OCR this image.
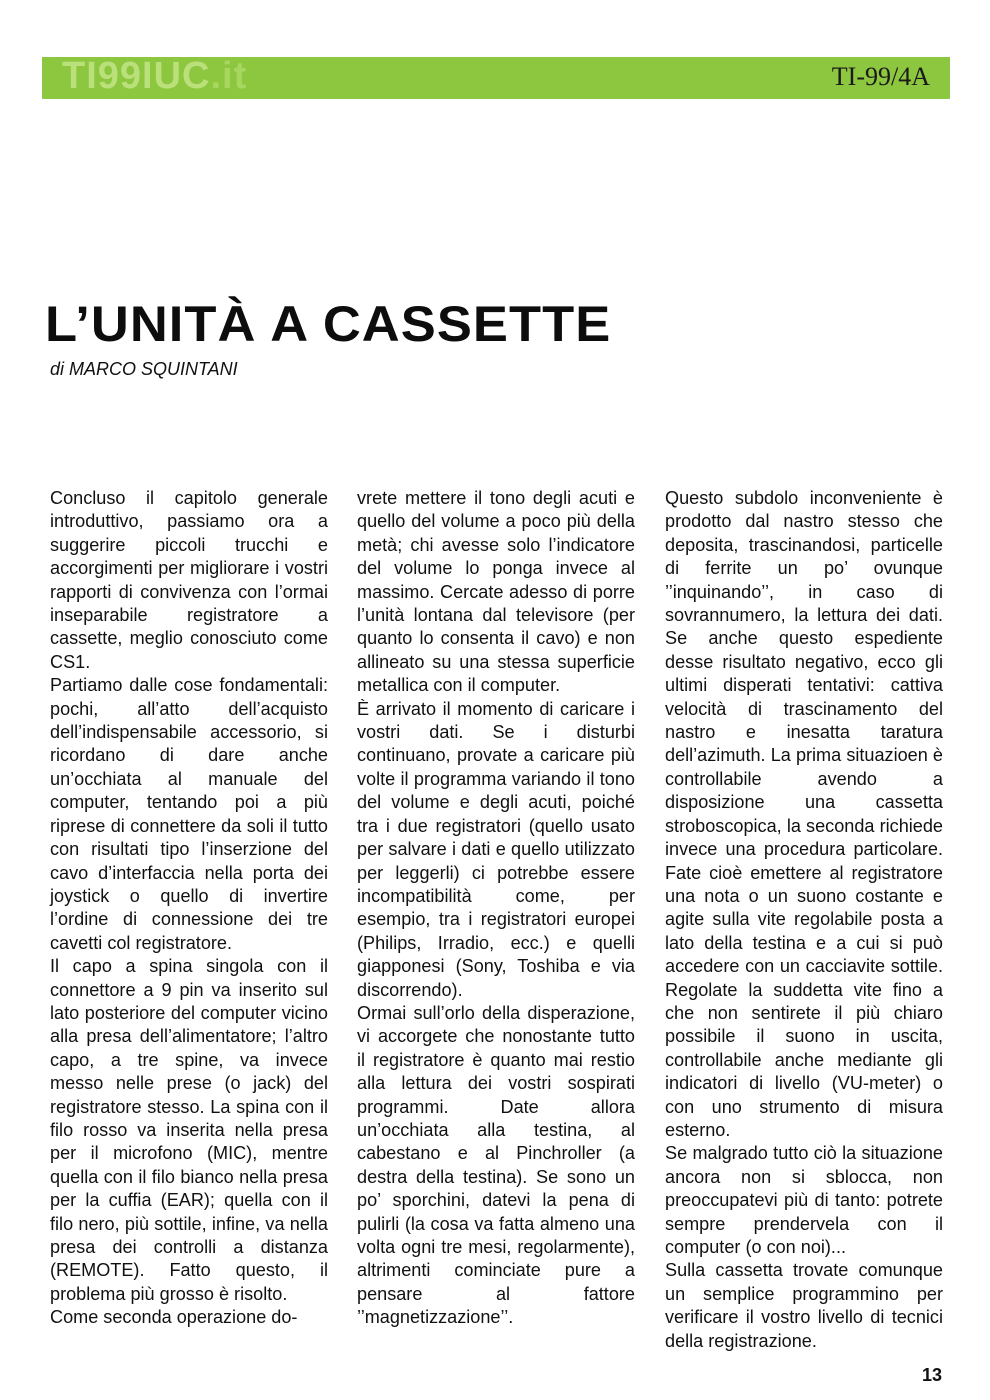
TI99IUC.it	TI-99/4A
L’UNITÀ A CASSETTE
di MARCO SQUINTANI

Concluso il capitolo generale introduttivo, passiamo ora a suggerire piccoli trucchi e accorgimenti per migliorare i vostri rapporti di convivenza con l’ormai inseparabile registratore a cassette, meglio conosciuto come CS1.

Partiamo dalle cose fondamentali: pochi, all’atto dell’acquisto dell’indispensabile accessorio, si ricordano di dare anche un’occhiata al manuale del computer, tentando poi a più riprese di connettere da soli il tutto con risultati tipo l’inserzione del cavo d’interfaccia nella porta dei joystick o quello di invertire l’ordine di connessione dei tre cavetti col registratore.

Il capo a spina singola con il connettore a 9 pin va inserito sul lato posteriore del computer vicino alla presa dell’alimentatore; l’altro capo, a tre spine, va invece messo nelle prese (o jack) del registratore stesso. La spina con il filo rosso va inserita nella presa per il microfono (MIC), mentre quella con il filo bianco nella presa per la cuffia (EAR); quella con il filo nero, più sottile, infine, va nella presa dei controlli a distanza (REMOTE). Fatto questo, il problema più grosso è risolto.

Come seconda operazione do-

vrete mettere il tono degli acuti e quello del volume a poco più della metà; chi avesse solo l’indicatore del volume lo ponga invece al massimo. Cercate adesso di porre l’unità lontana dal televisore (per quanto lo consenta il cavo) e non allineato su una stessa superficie metallica con il computer.

È arrivato il momento di caricare i vostri dati. Se i disturbi continuano, provate a caricare più volte il programma variando il tono del volume e degli acuti, poiché tra i due registratori (quello usato per salvare i dati e quello utilizzato per leggerli) ci potrebbe essere incompatibilità come, per esempio, tra i registratori europei (Philips, Irradio, ecc.) e quelli giapponesi (Sony, Toshiba e via discorrendo).

Ormai sull’orlo della disperazione, vi accorgete che nonostante tutto il registratore è quanto mai restio alla lettura dei vostri sospirati programmi. Date allora un’occhiata alla testina, al cabestano e al Pinchroller (a destra della testina). Se sono un po’ sporchini, datevi la pena di pulirli (la cosa va fatta almeno una volta ogni tre mesi, regolarmente), altrimenti cominciate pure a pensare al fattore ’’magnetizzazione’’.

Questo subdolo inconveniente è prodotto dal nastro stesso che deposita, trascinandosi, particelle di ferrite un po’ ovunque ’’inquinando’’, in caso di sovrannumero, la lettura dei dati. Se anche questo espediente desse risultato negativo, ecco gli ultimi disperati tentativi: cattiva velocità di trascinamento del nastro e inesatta taratura dell’azimuth. La prima situazioen è controllabile avendo a disposizione una cassetta stroboscopica, la seconda richiede invece una procedura particolare. Fate cioè emettere al registratore una nota o un suono costante e agite sulla vite regolabile posta a lato della testina e a cui si può accedere con un cacciavite sottile. Regolate la suddetta vite fino a che non sentirete il più chiaro possibile il suono in uscita, controllabile anche mediante gli indicatori di livello (VU-meter) o con uno strumento di misura esterno.

Se malgrado tutto ciò la situazione ancora non si sblocca, non preoccupatevi più di tanto: potrete sempre prendervela con il computer (o con noi)...

Sulla cassetta trovate comunque un semplice programmino per verificare il vostro livello di tecnici della registrazione.

13
